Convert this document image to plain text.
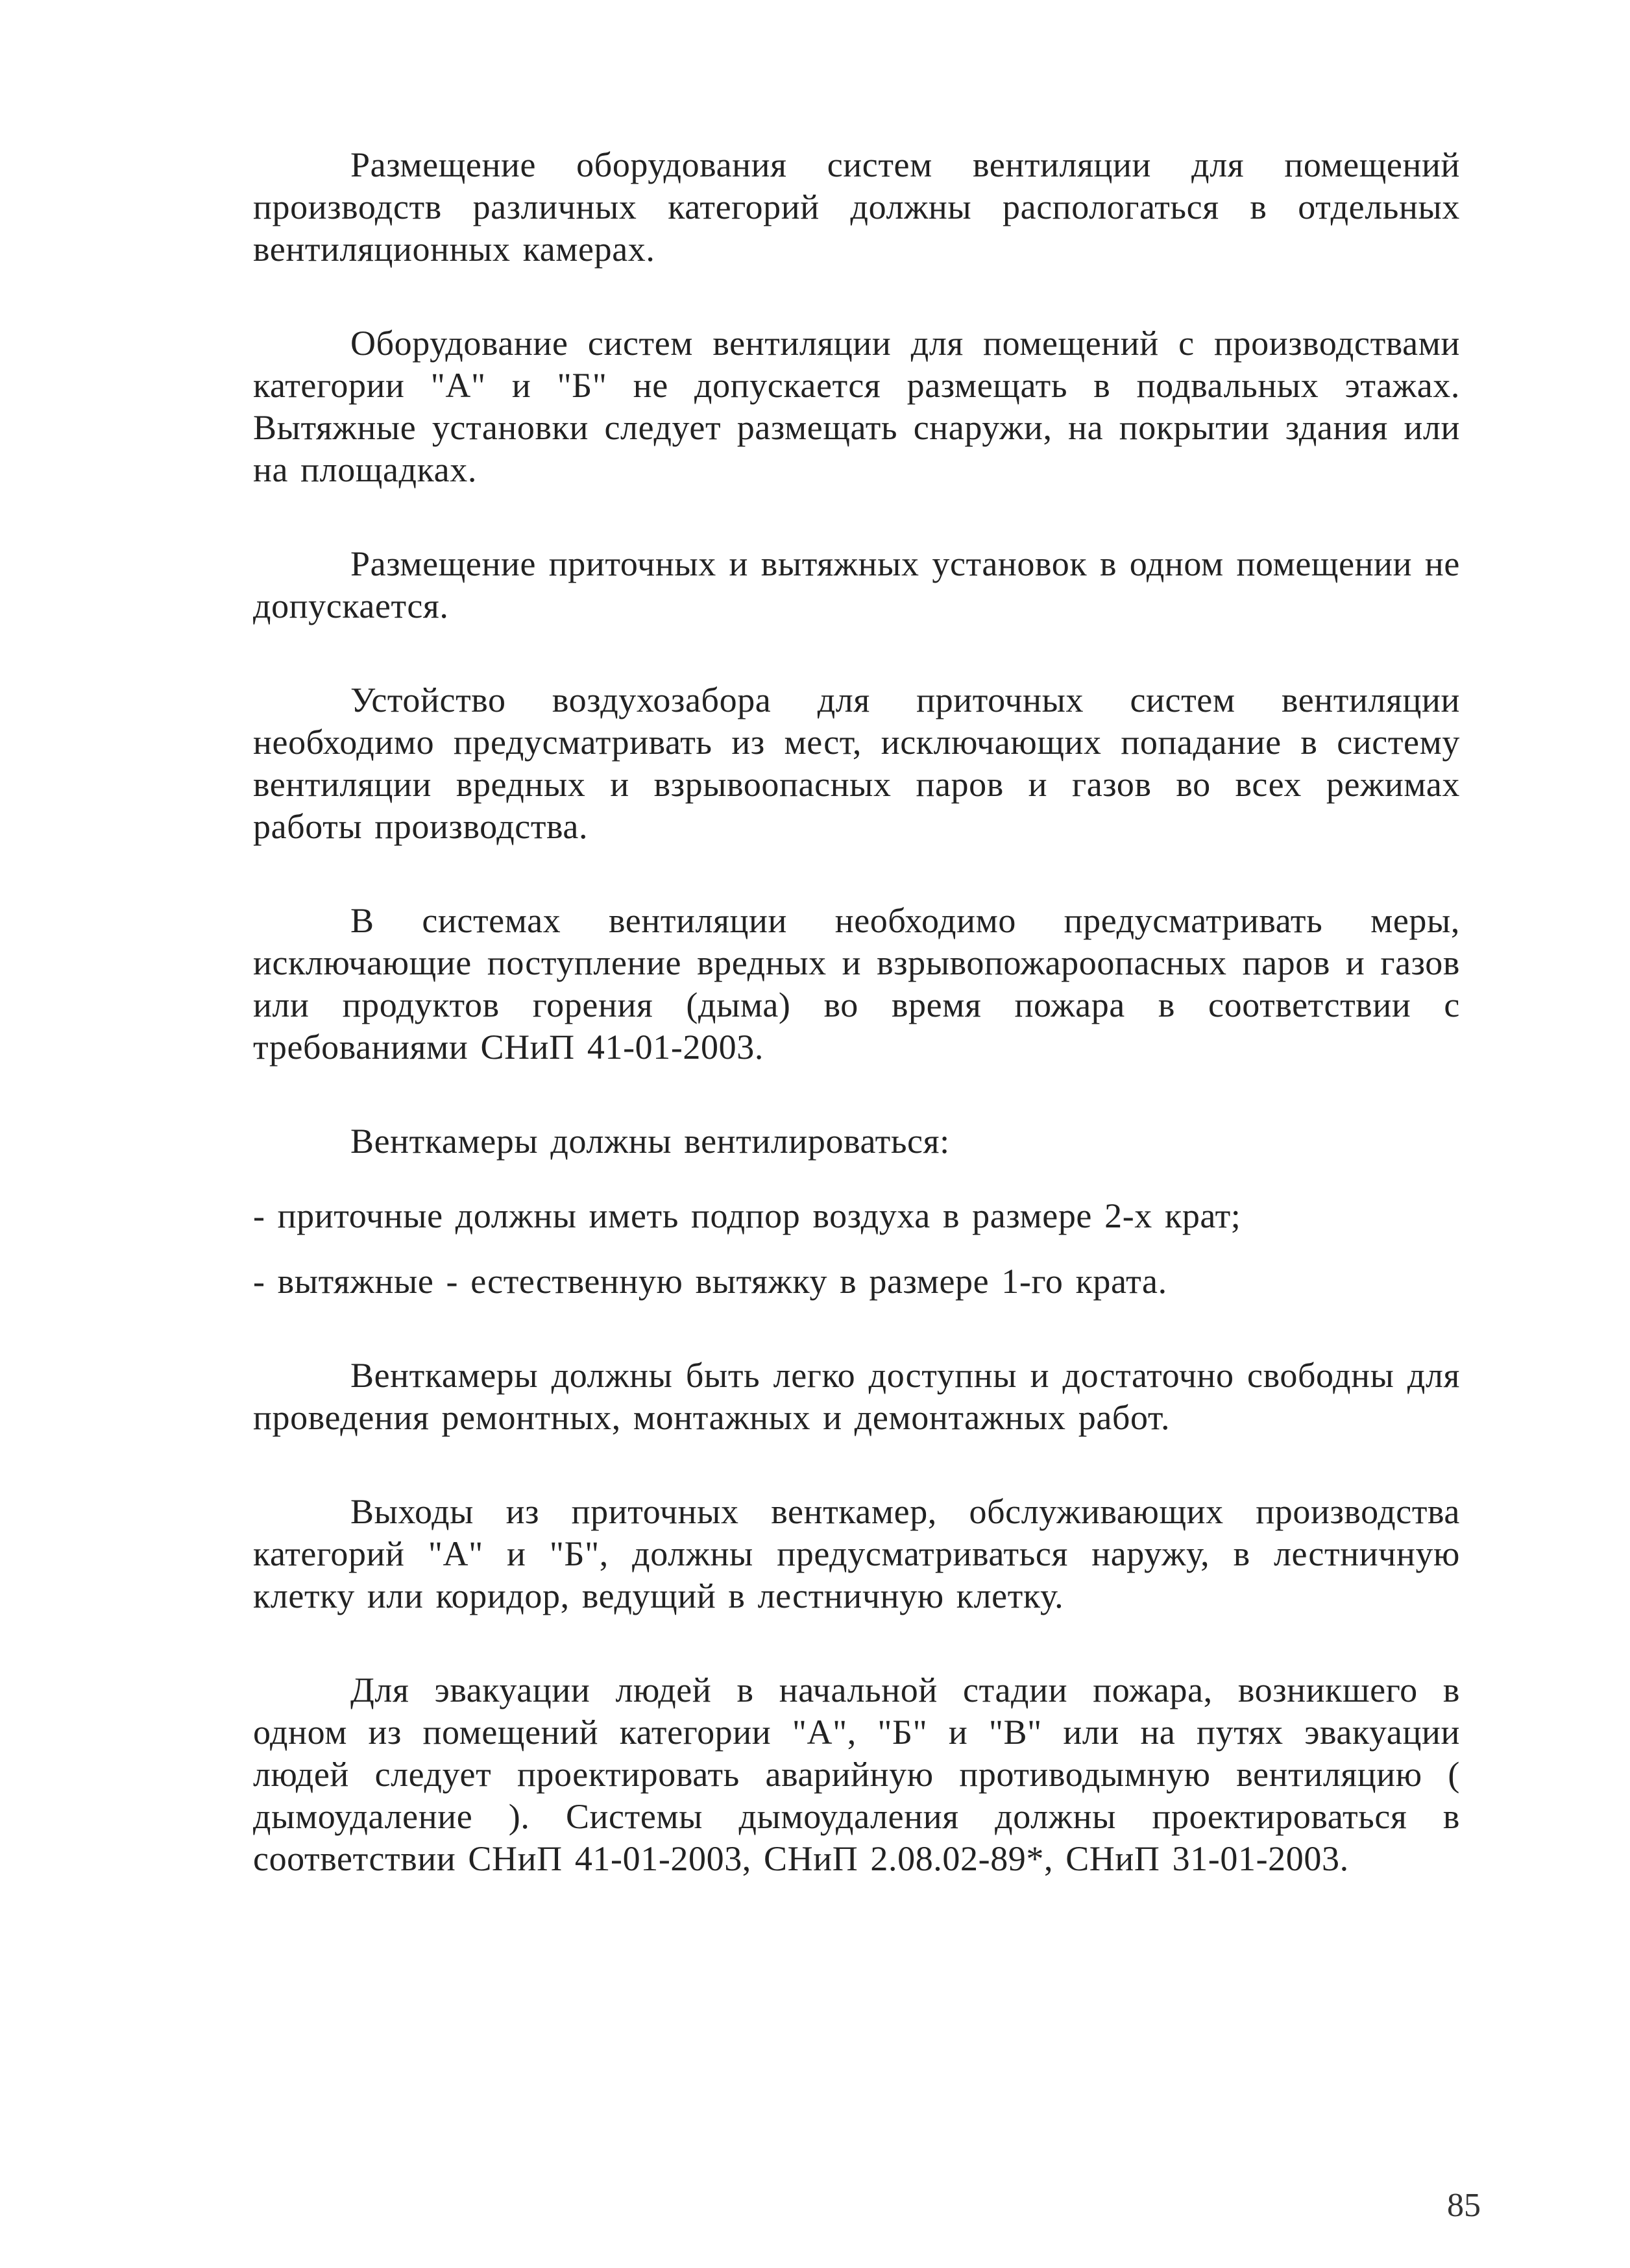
Размещение оборудования систем вентиляции для помещений производств различных категорий должны распологаться в отдельных вентиляционных камерах.

Оборудование систем вентиляции для помещений с производствами категории "А" и "Б" не допускается размещать в подвальных этажах. Вытяжные установки следует размещать снаружи, на покрытии здания или на площадках.

Размещение приточных и вытяжных установок в одном помещении не допускается.

Устойство воздухозабора для приточных систем вентиляции необходимо предусматривать из мест, исключающих попадание в систему вентиляции вредных и взрывоопасных паров и газов во всех режимах работы производства.

В системах вентиляции необходимо предусматривать меры, исключающие поступление вредных и взрывопожароопасных паров и газов или продуктов горения (дыма) во время пожара в соответствии с требованиями СНиП 41-01-2003.

Венткамеры должны вентилироваться:

- приточные должны иметь подпор воздуха в размере 2-х крат;

- вытяжные - естественную вытяжку в размере 1-го крата.

Венткамеры должны быть легко доступны и достаточно свободны для проведения ремонтных, монтажных и демонтажных работ.

Выходы из приточных венткамер, обслуживающих производства категорий "А" и "Б", должны предусматриваться наружу, в лестничную клетку или коридор, ведущий в лестничную клетку.

Для эвакуации людей в начальной стадии пожара, возникшего в одном из помещений категории "А", "Б" и "В" или на путях эвакуации людей следует проектировать аварийную противодымную вентиляцию ( дымоудаление ). Системы дымоудаления должны проектироваться в соответствии СНиП 41-01-2003, СНиП 2.08.02-89*, СНиП 31-01-2003.

85
